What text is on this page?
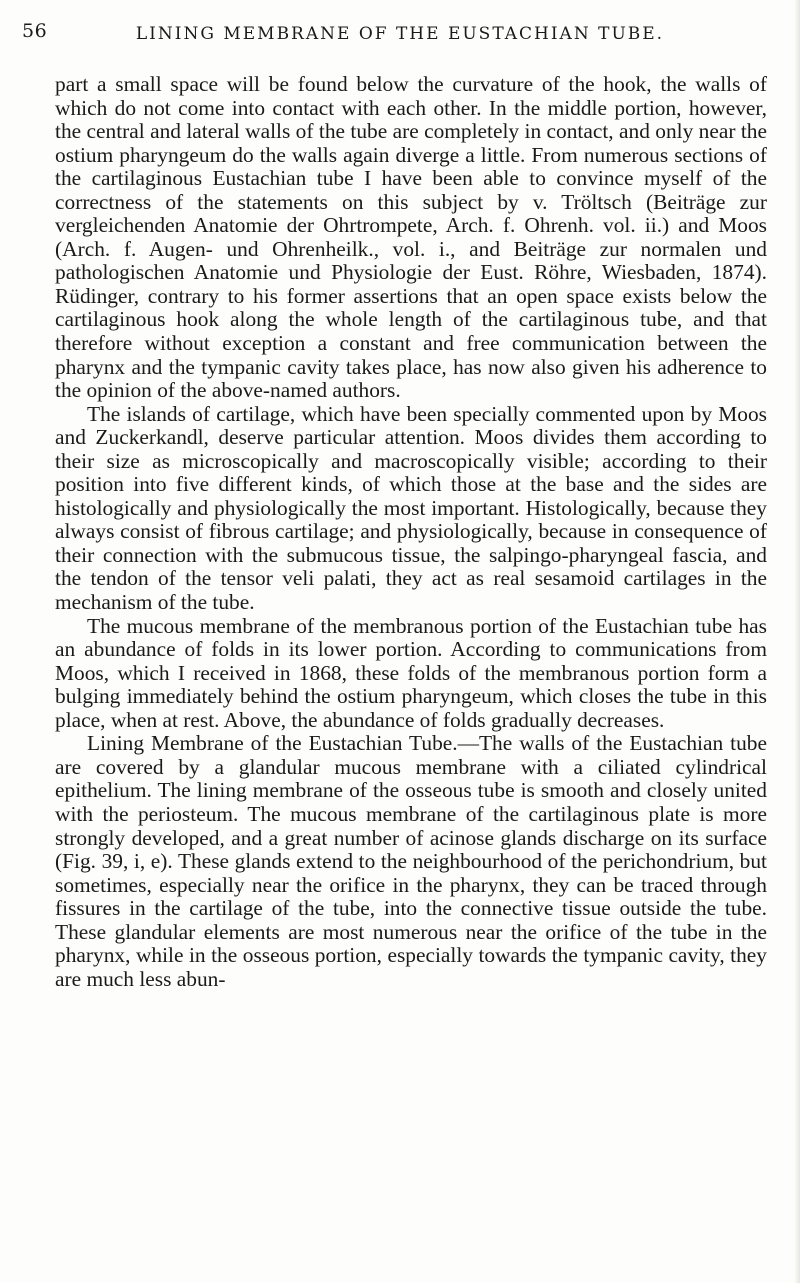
56	LINING MEMBRANE OF THE EUSTACHIAN TUBE.

part a small space will be found below the curvature of the hook, the walls of which do not come into contact with each other. In the middle portion, however, the central and lateral walls of the tube are completely in contact, and only near the ostium pharyngeum do the walls again diverge a little. From numerous sections of the cartilaginous Eustachian tube I have been able to convince myself of the correctness of the statements on this subject by v. Tröltsch (Beiträge zur vergleichenden Anatomie der Ohrtrompete, Arch. f. Ohrenh. vol. ii.) and Moos (Arch. f. Augen- und Ohrenheilk., vol. i., and Beiträge zur normalen und pathologischen Anatomie und Physiologie der Eust. Röhre, Wiesbaden, 1874). Rüdinger, contrary to his former assertions that an open space exists below the cartilaginous hook along the whole length of the cartilaginous tube, and that therefore without exception a constant and free communication between the pharynx and the tympanic cavity takes place, has now also given his adherence to the opinion of the above-named authors.

The islands of cartilage, which have been specially commented upon by Moos and Zuckerkandl, deserve particular attention. Moos divides them according to their size as microscopically and macroscopically visible; according to their position into five different kinds, of which those at the base and the sides are histologically and physiologically the most important. Histologically, because they always consist of fibrous cartilage; and physiologically, because in consequence of their connection with the submucous tissue, the salpingo-pharyngeal fascia, and the tendon of the tensor veli palati, they act as real sesamoid cartilages in the mechanism of the tube.

The mucous membrane of the membranous portion of the Eustachian tube has an abundance of folds in its lower portion. According to communications from Moos, which I received in 1868, these folds of the membranous portion form a bulging immediately behind the ostium pharyngeum, which closes the tube in this place, when at rest. Above, the abundance of folds gradually decreases.

Lining Membrane of the Eustachian Tube.—The walls of the Eustachian tube are covered by a glandular mucous membrane with a ciliated cylindrical epithelium. The lining membrane of the osseous tube is smooth and closely united with the periosteum. The mucous membrane of the cartilaginous plate is more strongly developed, and a great number of acinose glands discharge on its surface (Fig. 39, i, e). These glands extend to the neighbourhood of the perichondrium, but sometimes, especially near the orifice in the pharynx, they can be traced through fissures in the cartilage of the tube, into the connective tissue outside the tube. These glandular elements are most numerous near the orifice of the tube in the pharynx, while in the osseous portion, especially towards the tympanic cavity, they are much less abun-
